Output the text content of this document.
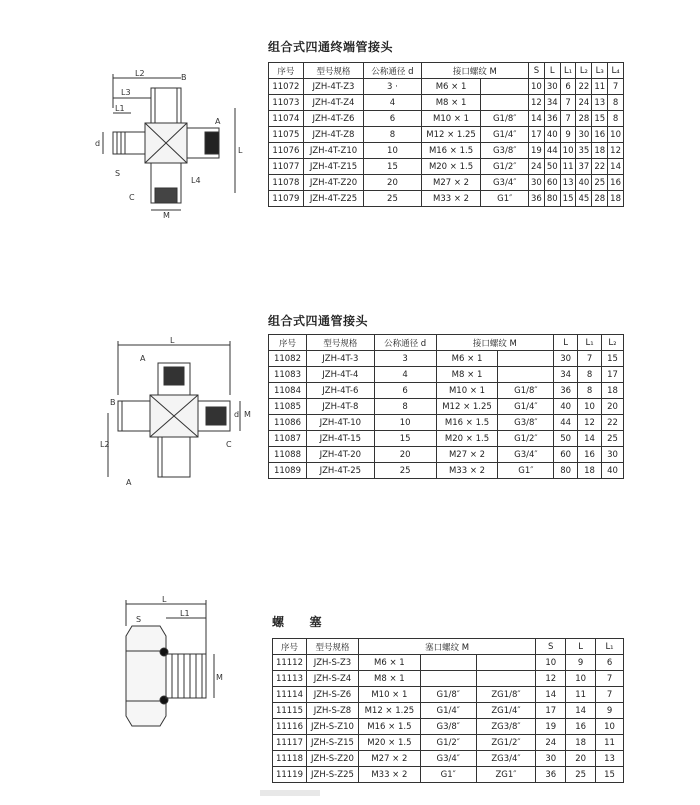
组合式四通终端管接头
L2	B
L3
L1
A
d
L
L4
S
C
M
序号	型号规格	公称通径 d	接口螺纹 M		S	L	L₁	L₂	L₃	L₄
11072	JZH-4T-Z3	3 ·	M6 × 1		10	30	6	22	11	7
11073	JZH-4T-Z4	4	M8 × 1		12	34	7	24	13	8
11074	JZH-4T-Z6	6	M10 × 1	G1/8″	14	36	7	28	15	8
11075	JZH-4T-Z8	8	M12 × 1.25	G1/4″	17	40	9	30	16	10
11076	JZH-4T-Z10	10	M16 × 1.5	G3/8″	19	44	10	35	18	12
11077	JZH-4T-Z15	15	M20 × 1.5	G1/2″	24	50	11	37	22	14
11078	JZH-4T-Z20	20	M27 × 2	G3/4″	30	60	13	40	25	16
11079	JZH-4T-Z25	25	M33 × 2	G1″	36	80	15	45	28	18
组合式四通管接头
L
A
B
d M
L2	C
A
序号	型号规格	公称通径 d	接口螺纹 M		L	L₁	L₂
11082	JZH-4T-3	3	M6 × 1		30	7	15
11083	JZH-4T-4	4	M8 × 1		34	8	17
11084	JZH-4T-6	6	M10 × 1	G1/8″	36	8	18
11085	JZH-4T-8	8	M12 × 1.25	G1/4″	40	10	20
11086	JZH-4T-10	10	M16 × 1.5	G3/8″	44	12	22
11087	JZH-4T-15	15	M20 × 1.5	G1/2″	50	14	25
11088	JZH-4T-20	20	M27 × 2	G3/4″	60	16	30
11089	JZH-4T-25	25	M33 × 2	G1″	80	18	40
螺　　塞
L
S
L1
M
序号	型号规格	塞口螺纹 M			S	L	L₁
11112	JZH-S-Z3	M6 × 1			10	9	6
11113	JZH-S-Z4	M8 × 1			12	10	7
11114	JZH-S-Z6	M10 × 1	G1/8″	ZG1/8″	14	11	7
11115	JZH-S-Z8	M12 × 1.25	G1/4″	ZG1/4″	17	14	9
11116	JZH-S-Z10	M16 × 1.5	G3/8″	ZG3/8″	19	16	10
11117	JZH-S-Z15	M20 × 1.5	G1/2″	ZG1/2″	24	18	11
11118	JZH-S-Z20	M27 × 2	G3/4″	ZG3/4″	30	20	13
11119	JZH-S-Z25	M33 × 2	G1″	ZG1″	36	25	15
